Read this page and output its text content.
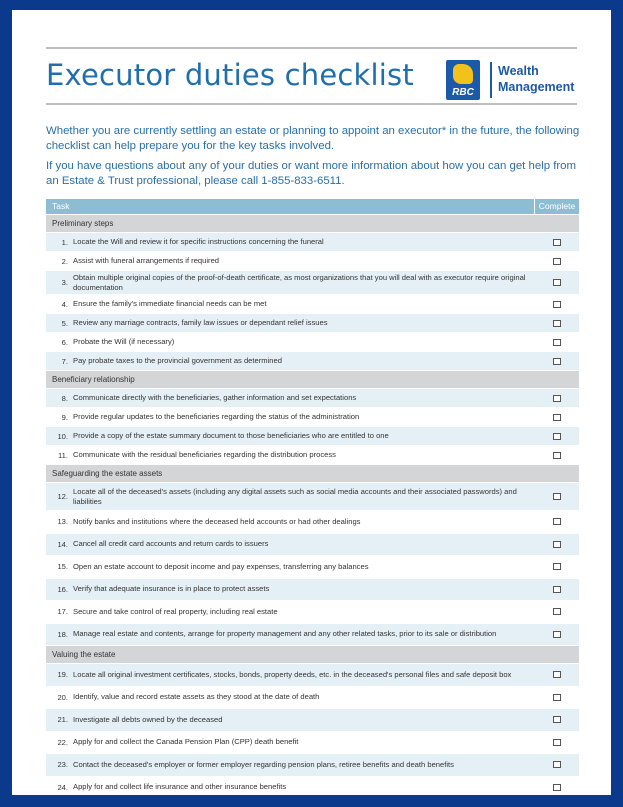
Executor duties checklist
RBC
Wealth
Management

Whether you are currently settling an estate or planning to appoint an executor* in the future, the following checklist can help prepare you for the key tasks involved.

If you have questions about any of your duties or want more information about how you can get help from an Estate & Trust professional, please call 1-855-833-6511.

Task	Complete
Preliminary steps
1. Locate the Will and review it for specific instructions concerning the funeral
2. Assist with funeral arrangements if required
3.
Obtain multiple original copies of the proof-of-death certificate, as most organizations that you will deal with as executor require original documentation
4. Ensure the family's immediate financial needs can be met
5. Review any marriage contracts, family law issues or dependant relief issues
6. Probate the Will (if necessary)
7. Pay probate taxes to the provincial government as determined
Beneficiary relationship
8. Communicate directly with the beneficiaries, gather information and set expectations
9. Provide regular updates to the beneficiaries regarding the status of the administration
10. Provide a copy of the estate summary document to those beneficiaries who are entitled to one
11. Communicate with the residual beneficiaries regarding the distribution process
Safeguarding the estate assets
12.
Locate all of the deceased's assets (including any digital assets such as social media accounts and their associated passwords) and liabilities
13. Notify banks and institutions where the deceased held accounts or had other dealings
14. Cancel all credit card accounts and return cards to issuers
15. Open an estate account to deposit income and pay expenses, transferring any balances
16. Verify that adequate insurance is in place to protect assets
17. Secure and take control of real property, including real estate
18. Manage real estate and contents, arrange for property management and any other related tasks, prior to its sale or distribution
Valuing the estate
19. Locate all original investment certificates, stocks, bonds, property deeds, etc. in the deceased's personal files and safe deposit box
20. Identify, value and record estate assets as they stood at the date of death
21. Investigate all debts owned by the deceased
22. Apply for and collect the Canada Pension Plan (CPP) death benefit
23. Contact the deceased's employer or former employer regarding pension plans, retiree benefits and death benefits
24. Apply for and collect life insurance and other insurance benefits
